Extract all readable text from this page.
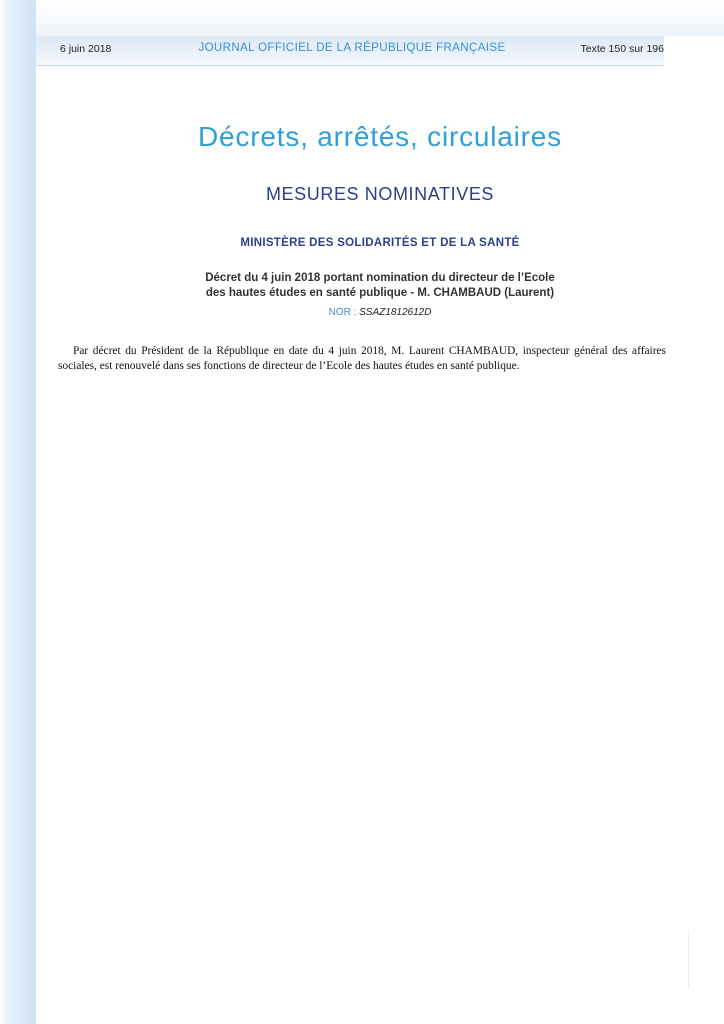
6 juin 2018	JOURNAL OFFICIEL DE LA RÉPUBLIQUE FRANÇAISE	Texte 150 sur 196
Décrets, arrêtés, circulaires
MESURES NOMINATIVES
MINISTÈRE DES SOLIDARITÉS ET DE LA SANTÉ
Décret du 4 juin 2018 portant nomination du directeur de l’Ecole
des hautes études en santé publique - M. CHAMBAUD (Laurent)
NOR : SSAZ1812612D

Par décret du Président de la République en date du 4 juin 2018, M. Laurent CHAMBAUD, inspecteur général des affaires sociales, est renouvelé dans ses fonctions de directeur de l’Ecole des hautes études en santé publique.
